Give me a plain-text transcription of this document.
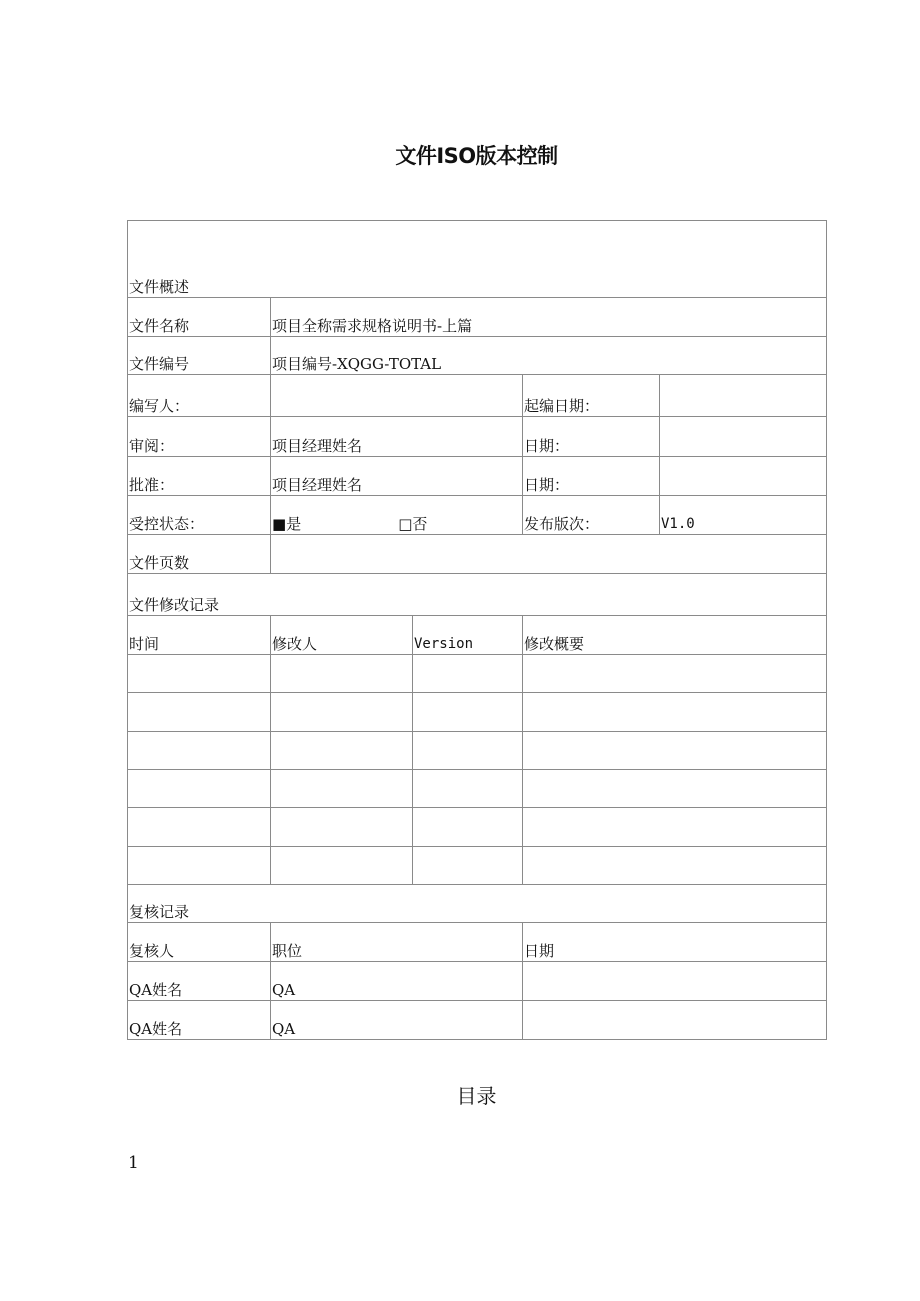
文件ISO版本控制
文件概述				
文件名称	项目全称需求规格说明书-上篇			
文件编号	项目编号-XQGG-TOTAL			
编写人：			起编日期：	
审阅：	项目经理姓名		日期：	
批准：	项目经理姓名		日期：	
受控状态：	■是 □否		发布版次：	V1.0
文件页数				
文件修改记录				
时间	修改人	Version	修改概要	

复核记录				
复核人	职位		日期	
QA姓名	QA			
QA姓名	QA			
目录
1
